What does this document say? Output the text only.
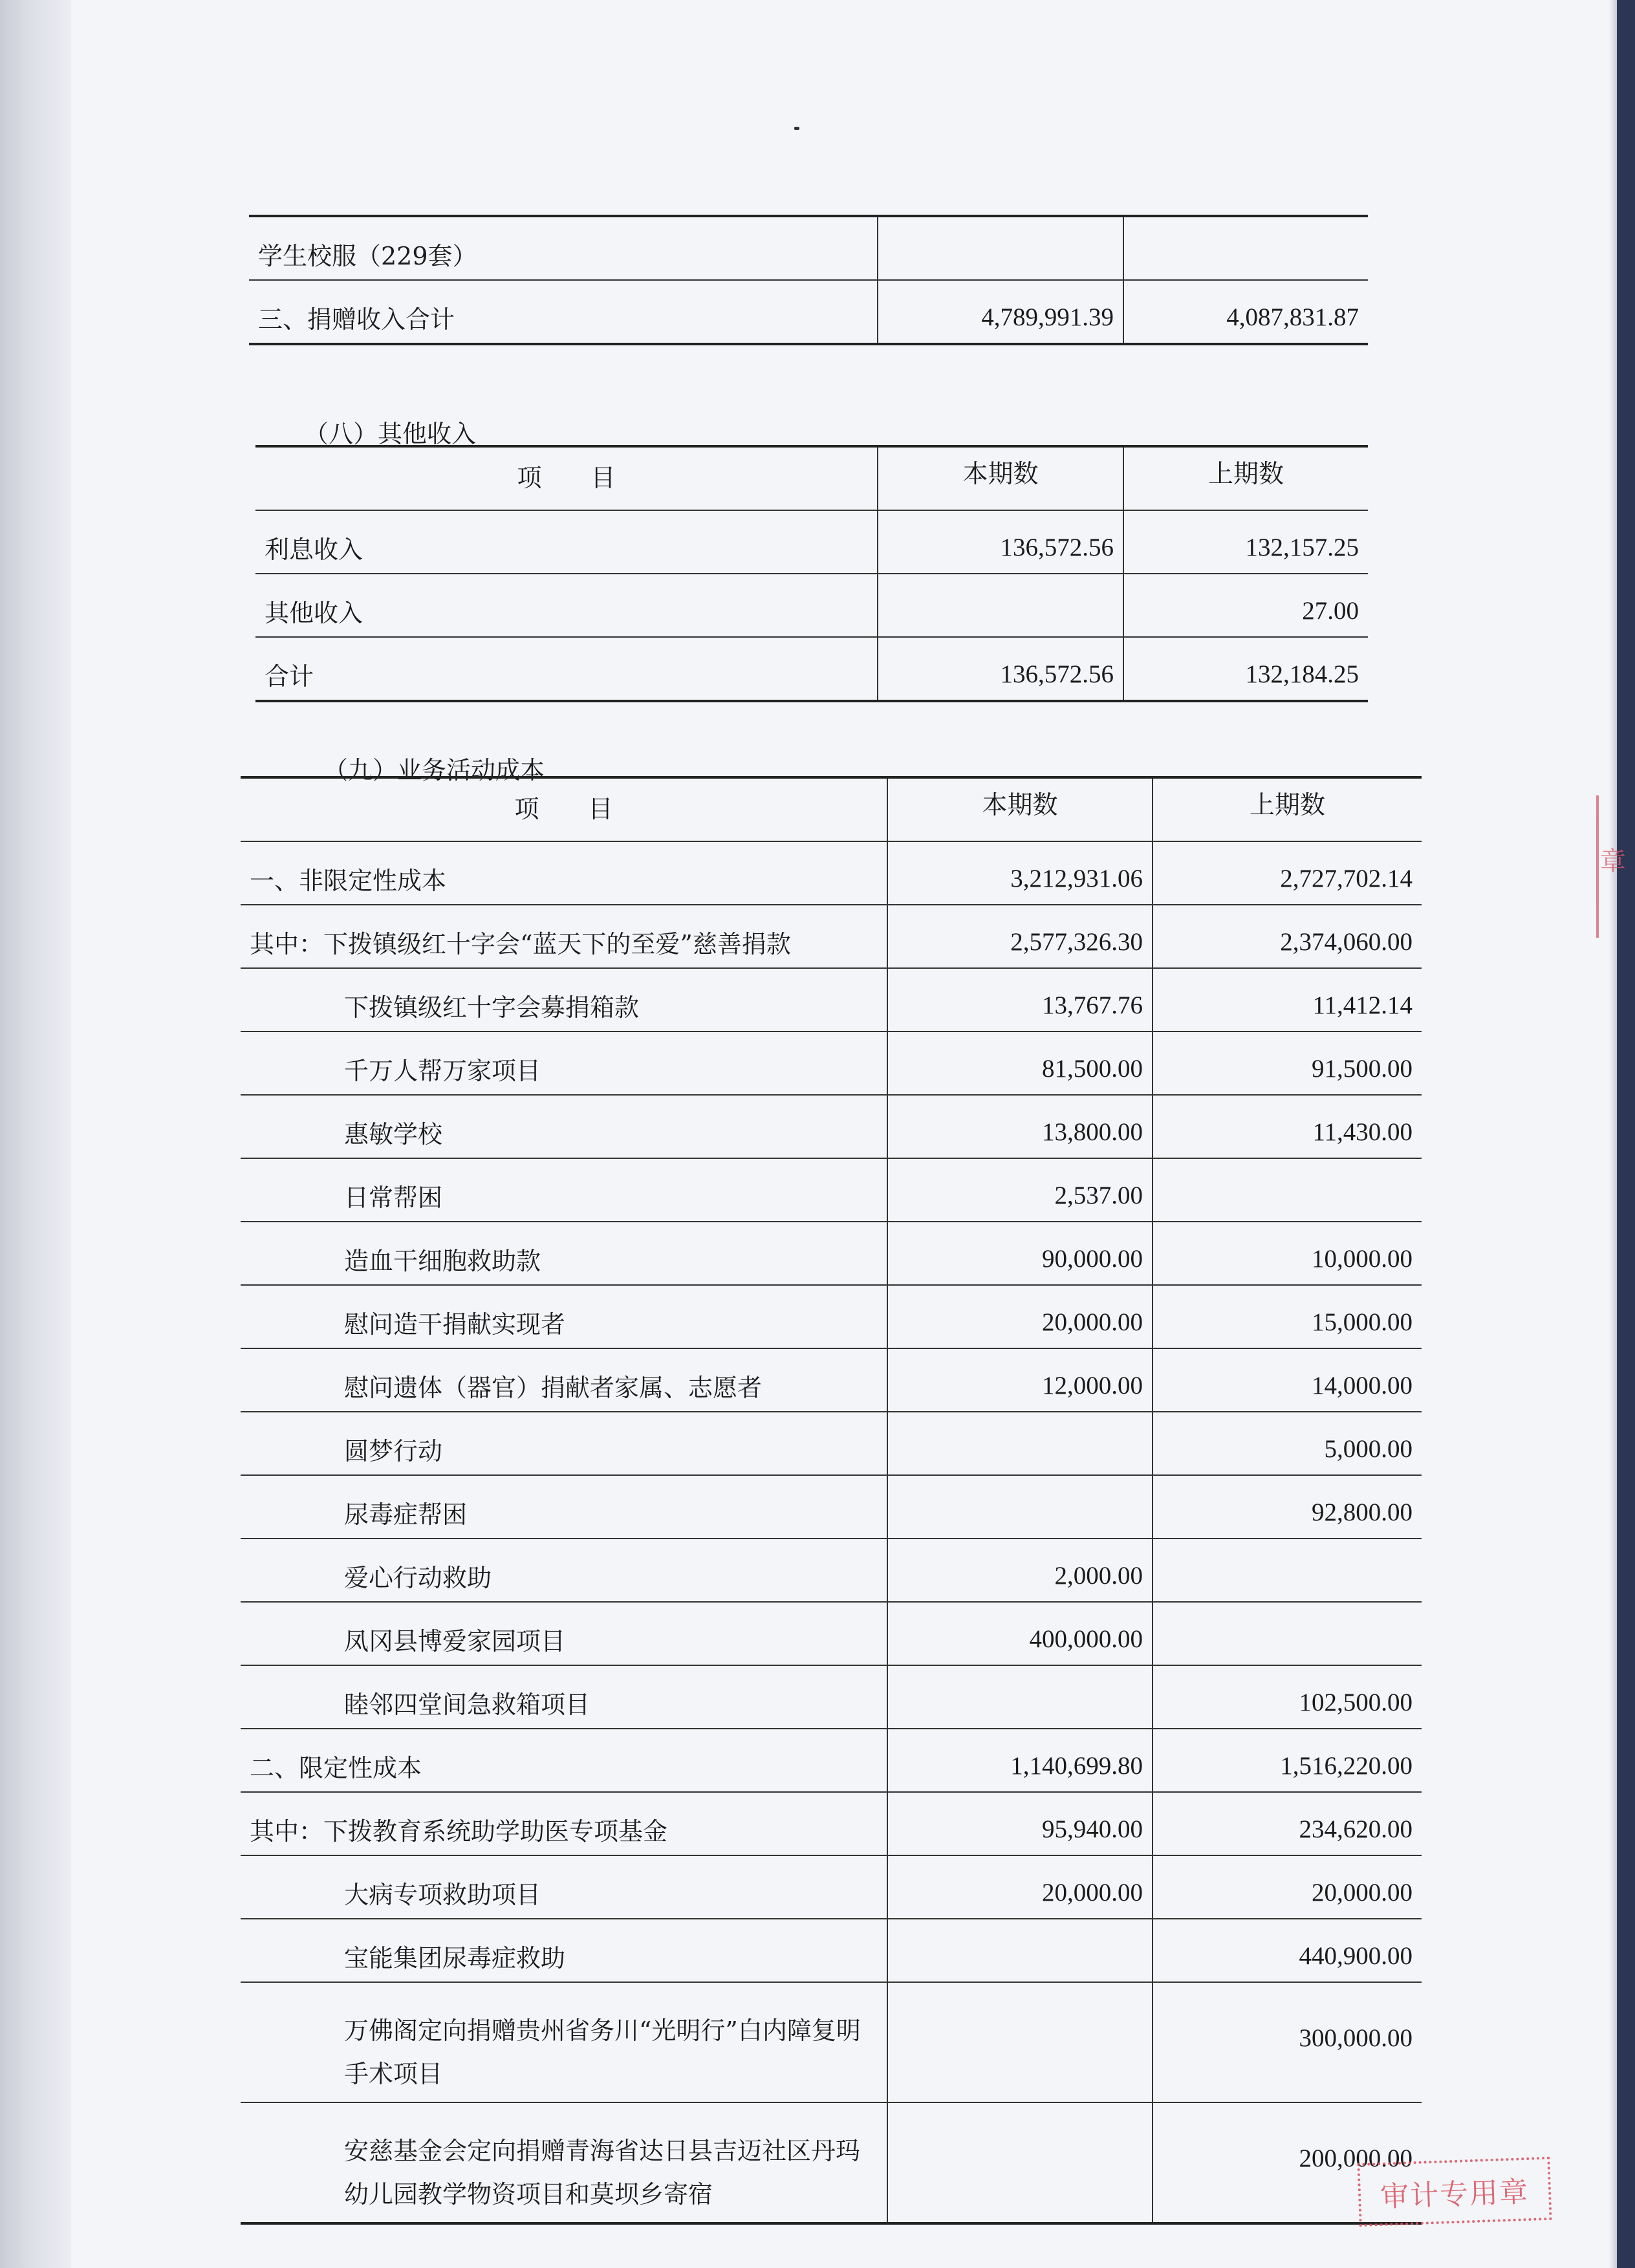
章
学生校服（229套）		
三、捐赠收入合计	4,789,991.39	4,087,831.87
（八）其他收入
项　　目	本期数	上期数
利息收入	136,572.56	132,157.25
其他收入		27.00
合计	136,572.56	132,184.25
（九）业务活动成本
项　　目	本期数	上期数
一、非限定性成本	3,212,931.06	2,727,702.14
其中：下拨镇级红十字会“蓝天下的至爱”慈善捐款	2,577,326.30	2,374,060.00
下拨镇级红十字会募捐箱款	13,767.76	11,412.14
千万人帮万家项目	81,500.00	91,500.00
惠敏学校	13,800.00	11,430.00
日常帮困	2,537.00	
造血干细胞救助款	90,000.00	10,000.00
慰问造干捐献实现者	20,000.00	15,000.00
慰问遗体（器官）捐献者家属、志愿者	12,000.00	14,000.00
圆梦行动		5,000.00
尿毒症帮困		92,800.00
爱心行动救助	2,000.00	
凤冈县博爱家园项目	400,000.00	
睦邻四堂间急救箱项目		102,500.00
二、限定性成本	1,140,699.80	1,516,220.00
其中：下拨教育系统助学助医专项基金	95,940.00	234,620.00
大病专项救助项目	20,000.00	20,000.00
宝能集团尿毒症救助		440,900.00
万佛阁定向捐赠贵州省务川“光明行”白内障复明手术项目		300,000.00
安慈基金会定向捐赠青海省达日县吉迈社区丹玛幼儿园教学物资项目和莫坝乡寄宿		200,000.00
审计专用章
